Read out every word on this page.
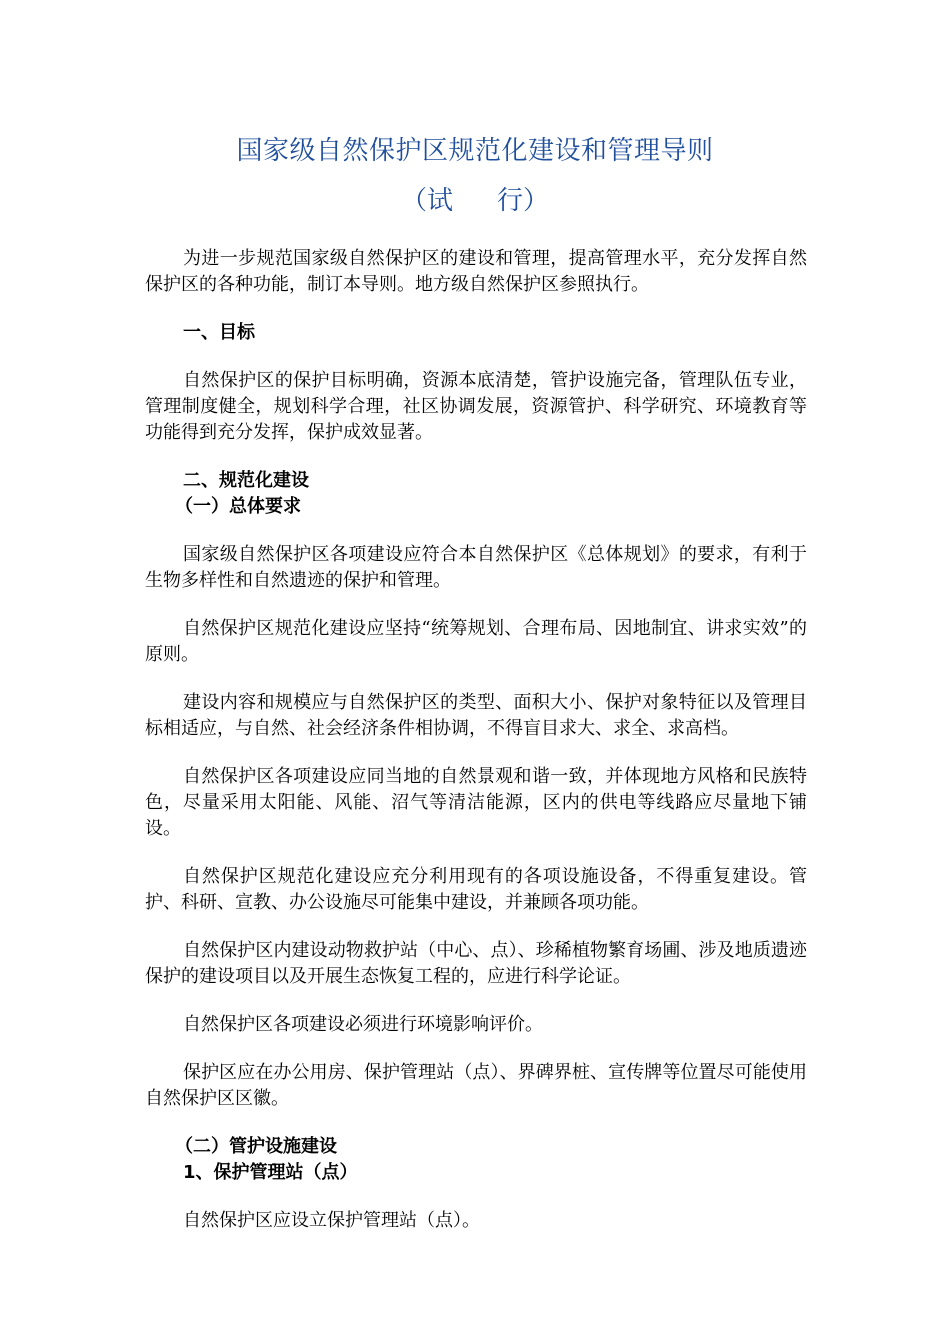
国家级自然保护区规范化建设和管理导则
（试 行）

为进一步规范国家级自然保护区的建设和管理，提高管理水平，充分发挥自然保护区的各种功能，制订本导则。地方级自然保护区参照执行。

一、目标

自然保护区的保护目标明确，资源本底清楚，管护设施完备，管理队伍专业，管理制度健全，规划科学合理，社区协调发展，资源管护、科学研究、环境教育等功能得到充分发挥，保护成效显著。

二、规范化建设

（一）总体要求

国家级自然保护区各项建设应符合本自然保护区《总体规划》的要求，有利于生物多样性和自然遗迹的保护和管理。

自然保护区规范化建设应坚持“统筹规划、合理布局、因地制宜、讲求实效”的原则。

建设内容和规模应与自然保护区的类型、面积大小、保护对象特征以及管理目标相适应，与自然、社会经济条件相协调，不得盲目求大、求全、求高档。

自然保护区各项建设应同当地的自然景观和谐一致，并体现地方风格和民族特色，尽量采用太阳能、风能、沼气等清洁能源，区内的供电等线路应尽量地下铺设。

自然保护区规范化建设应充分利用现有的各项设施设备，不得重复建设。管护、科研、宣教、办公设施尽可能集中建设，并兼顾各项功能。

自然保护区内建设动物救护站（中心、点）、珍稀植物繁育场圃、涉及地质遗迹保护的建设项目以及开展生态恢复工程的，应进行科学论证。

自然保护区各项建设必须进行环境影响评价。

保护区应在办公用房、保护管理站（点）、界碑界桩、宣传牌等位置尽可能使用自然保护区区徽。

（二）管护设施建设

1、保护管理站（点）

自然保护区应设立保护管理站（点）。
